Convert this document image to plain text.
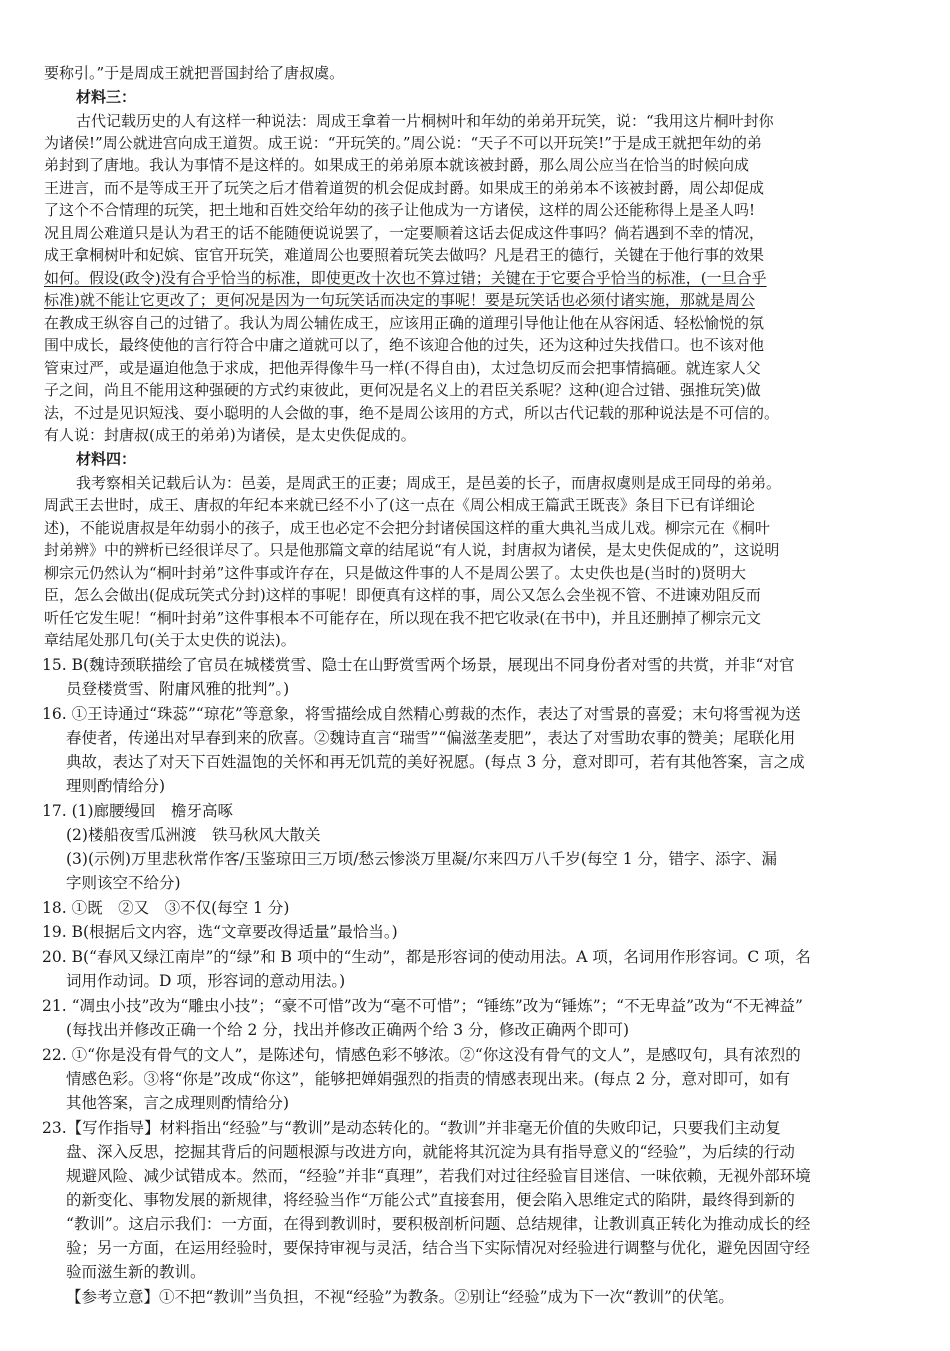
要称引。”于是周成王就把晋国封给了唐叔虞。
材料三：
古代记载历史的人有这样一种说法：周成王拿着一片桐树叶和年幼的弟弟开玩笑，说：“我用这片桐叶封你
为诸侯!”周公就进宫向成王道贺。成王说：“开玩笑的。”周公说：“天子不可以开玩笑!”于是成王就把年幼的弟
弟封到了唐地。我认为事情不是这样的。如果成王的弟弟原本就该被封爵，那么周公应当在恰当的时候向成
王进言，而不是等成王开了玩笑之后才借着道贺的机会促成封爵。如果成王的弟弟本不该被封爵，周公却促成
了这个不合情理的玩笑，把土地和百姓交给年幼的孩子让他成为一方诸侯，这样的周公还能称得上是圣人吗!
况且周公难道只是认为君王的话不能随便说说罢了，一定要顺着这话去促成这件事吗？倘若遇到不幸的情况，
成王拿桐树叶和妃嫔、宦官开玩笑，难道周公也要照着玩笑去做吗？凡是君王的德行，关键在于他行事的效果
如何。假设(政令)没有合乎恰当的标准，即使更改十次也不算过错；关键在于它要合乎恰当的标准，(一旦合乎
标准)就不能让它更改了；更何况是因为一句玩笑话而决定的事呢！要是玩笑话也必须付诸实施，那就是周公
在教成王纵容自己的过错了。我认为周公辅佐成王，应该用正确的道理引导他让他在从容闲适、轻松愉悦的氛
围中成长，最终使他的言行符合中庸之道就可以了，绝不该迎合他的过失，还为这种过失找借口。也不该对他
管束过严，或是逼迫他急于求成，把他弄得像牛马一样(不得自由)，太过急切反而会把事情搞砸。就连家人父
子之间，尚且不能用这种强硬的方式约束彼此，更何况是名义上的君臣关系呢？这种(迎合过错、强推玩笑)做
法，不过是见识短浅、耍小聪明的人会做的事，绝不是周公该用的方式，所以古代记载的那种说法是不可信的。
有人说：封唐叔(成王的弟弟)为诸侯，是太史佚促成的。
材料四：
我考察相关记载后认为：邑姜，是周武王的正妻；周成王，是邑姜的长子，而唐叔虞则是成王同母的弟弟。
周武王去世时，成王、唐叔的年纪本来就已经不小了(这一点在《周公相成王篇武王既丧》条目下已有详细论
述)，不能说唐叔是年幼弱小的孩子，成王也必定不会把分封诸侯国这样的重大典礼当成儿戏。柳宗元在《桐叶
封弟辨》中的辨析已经很详尽了。只是他那篇文章的结尾说“有人说，封唐叔为诸侯，是太史佚促成的”，这说明
柳宗元仍然认为“桐叶封弟”这件事或许存在，只是做这件事的人不是周公罢了。太史佚也是(当时的)贤明大
臣，怎么会做出(促成玩笑式分封)这样的事呢！即便真有这样的事，周公又怎么会坐视不管、不进谏劝阻反而
听任它发生呢！“桐叶封弟”这件事根本不可能存在，所以现在我不把它收录(在书中)，并且还删掉了柳宗元文
章结尾处那几句(关于太史佚的说法)。
15. B(魏诗颈联描绘了官员在城楼赏雪、隐士在山野赏雪两个场景，展现出不同身份者对雪的共赏，并非“对官
员登楼赏雪、附庸风雅的批判”。)
16. ①王诗通过“珠蕊”“琼花”等意象，将雪描绘成自然精心剪裁的杰作，表达了对雪景的喜爱；末句将雪视为送
春使者，传递出对早春到来的欣喜。②魏诗直言“瑞雪”“偏滋垄麦肥”，表达了对雪助农事的赞美；尾联化用
典故，表达了对天下百姓温饱的关怀和再无饥荒的美好祝愿。(每点 3 分，意对即可，若有其他答案，言之成
理则酌情给分)
17. (1)廊腰缦回　檐牙高啄
(2)楼船夜雪瓜洲渡　铁马秋风大散关
(3)(示例)万里悲秋常作客/玉鉴琼田三万顷/愁云惨淡万里凝/尔来四万八千岁(每空 1 分，错字、添字、漏
字则该空不给分)
18. ①既　②又　③不仅(每空 1 分)
19. B(根据后文内容，选“文章要改得适量”最恰当。)
20. B(“春风又绿江南岸”的“绿”和 B 项中的“生动”，都是形容词的使动用法。A 项，名词用作形容词。C 项，名
词用作动词。D 项，形容词的意动用法。)
21. “凋虫小技”改为“雕虫小技”；“豪不可惜”改为“毫不可惜”；“锤练”改为“锤炼”；“不无卑益”改为“不无裨益”
(每找出并修改正确一个给 2 分，找出并修改正确两个给 3 分，修改正确两个即可)
22. ①“你是没有骨气的文人”，是陈述句，情感色彩不够浓。②“你这没有骨气的文人”，是感叹句，具有浓烈的
情感色彩。③将“你是”改成“你这”，能够把婵娟强烈的指责的情感表现出来。(每点 2 分，意对即可，如有
其他答案，言之成理则酌情给分)
23.【写作指导】材料指出“经验”与“教训”是动态转化的。“教训”并非毫无价值的失败印记，只要我们主动复
盘、深入反思，挖掘其背后的问题根源与改进方向，就能将其沉淀为具有指导意义的“经验”，为后续的行动
规避风险、减少试错成本。然而，“经验”并非“真理”，若我们对过往经验盲目迷信、一味依赖，无视外部环境
的新变化、事物发展的新规律，将经验当作“万能公式”直接套用，便会陷入思维定式的陷阱，最终得到新的
“教训”。这启示我们：一方面，在得到教训时，要积极剖析问题、总结规律，让教训真正转化为推动成长的经
验；另一方面，在运用经验时，要保持审视与灵活，结合当下实际情况对经验进行调整与优化，避免因固守经
验而滋生新的教训。
【参考立意】①不把“教训”当负担，不视“经验”为教条。②别让“经验”成为下一次“教训”的伏笔。
